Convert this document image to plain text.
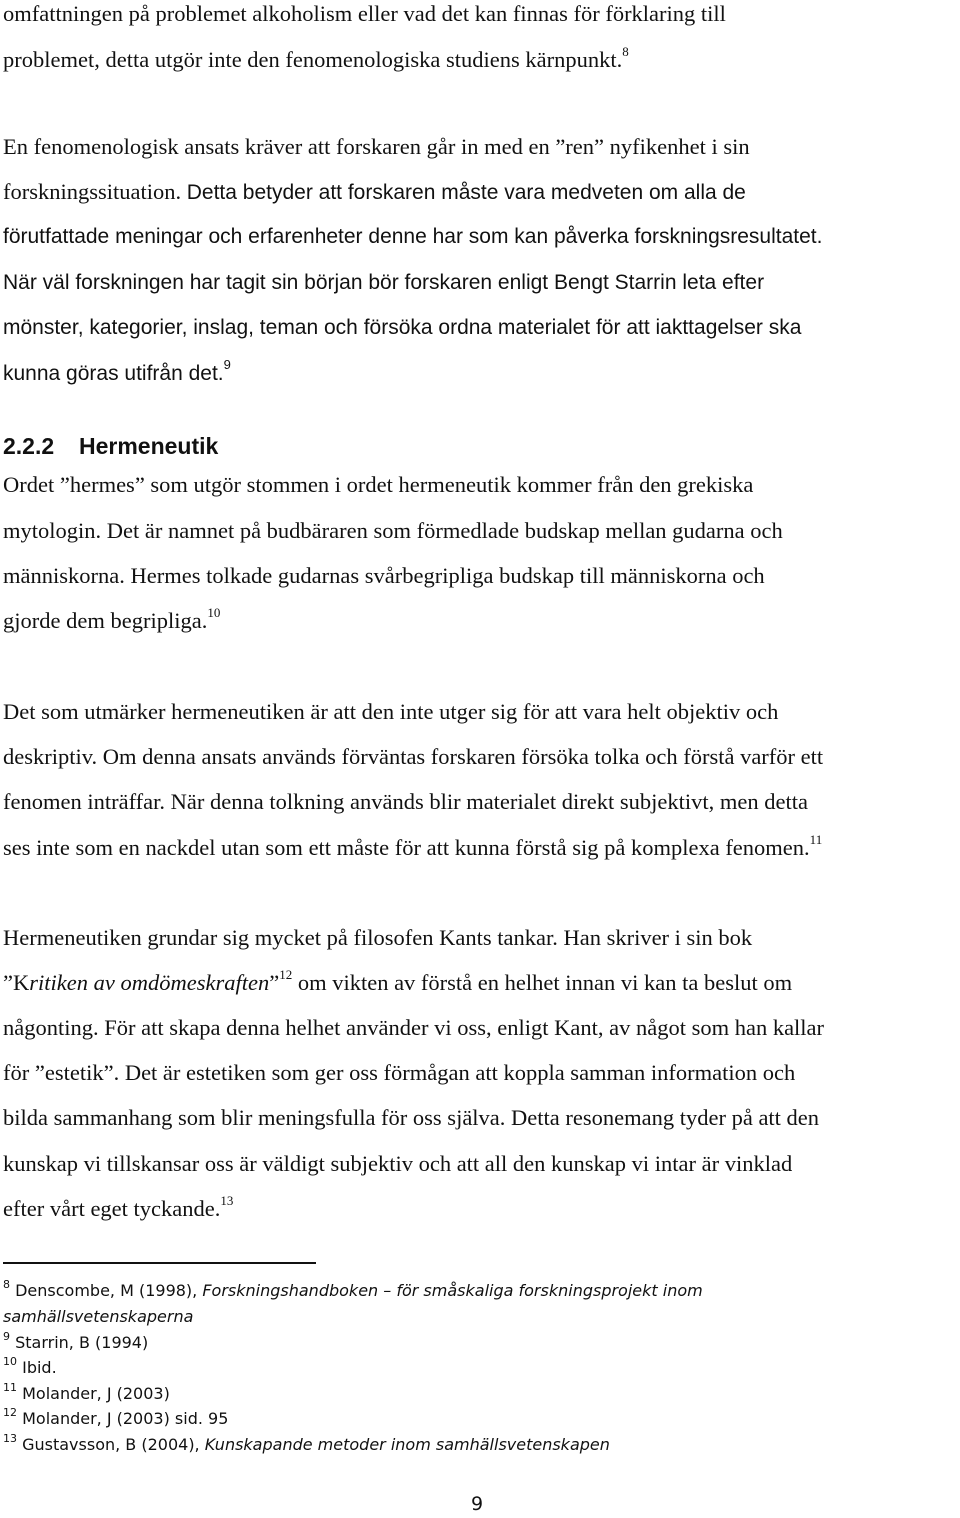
omfattningen på problemet alkoholism eller vad det kan finnas för förklaring till
problemet, detta utgör inte den fenomenologiska studiens kärnpunkt.$^8$
En fenomenologisk ansats kräver att forskaren går in med en ”ren” nyfikenhet i sin
forskningssituation. Detta betyder att forskaren måste vara medveten om alla de
förutfattade meningar och erfarenheter denne har som kan påverka forskningsresultatet.
När väl forskningen har tagit sin början bör forskaren enligt Bengt Starrin leta efter
mönster, kategorier, inslag, teman och försöka ordna materialet för att iakttagelser ska
kunna göras utifrån det.$^9$
2.2.2 Hermeneutik
Ordet ”hermes” som utgör stommen i ordet hermeneutik kommer från den grekiska
mytologin. Det är namnet på budbäraren som förmedlade budskap mellan gudarna och
människorna. Hermes tolkade gudarnas svårbegripliga budskap till människorna och
gjorde dem begripliga.$^{10}$
Det som utmärker hermeneutiken är att den inte utger sig för att vara helt objektiv och
deskriptiv. Om denna ansats används förväntas forskaren försöka tolka och förstå varför ett
fenomen inträffar. När denna tolkning används blir materialet direkt subjektivt, men detta
ses inte som en nackdel utan som ett måste för att kunna förstå sig på komplexa fenomen.$^{11}$
Hermeneutiken grundar sig mycket på filosofen Kants tankar. Han skriver i sin bok
”Kritiken av omdömeskraften”$^{12}$ om vikten av förstå en helhet innan vi kan ta beslut om
någonting. För att skapa denna helhet använder vi oss, enligt Kant, av något som han kallar
för ”estetik”. Det är estetiken som ger oss förmågan att koppla samman information och
bilda sammanhang som blir meningsfulla för oss själva. Detta resonemang tyder på att den
kunskap vi tillskansar oss är väldigt subjektiv och att all den kunskap vi intar är vinklad
efter vårt eget tyckande.$^{13}$
$^8$ Denscombe, M (1998), Forskningshandboken – för småskaliga forskningsprojekt inom
samhällsvetenskaperna
$^9$ Starrin, B (1994)
$^{10}$ Ibid.
$^{11}$ Molander, J (2003)
$^{12}$ Molander, J (2003) sid. 95
$^{13}$ Gustavsson, B (2004), Kunskapande metoder inom samhällsvetenskapen
9
